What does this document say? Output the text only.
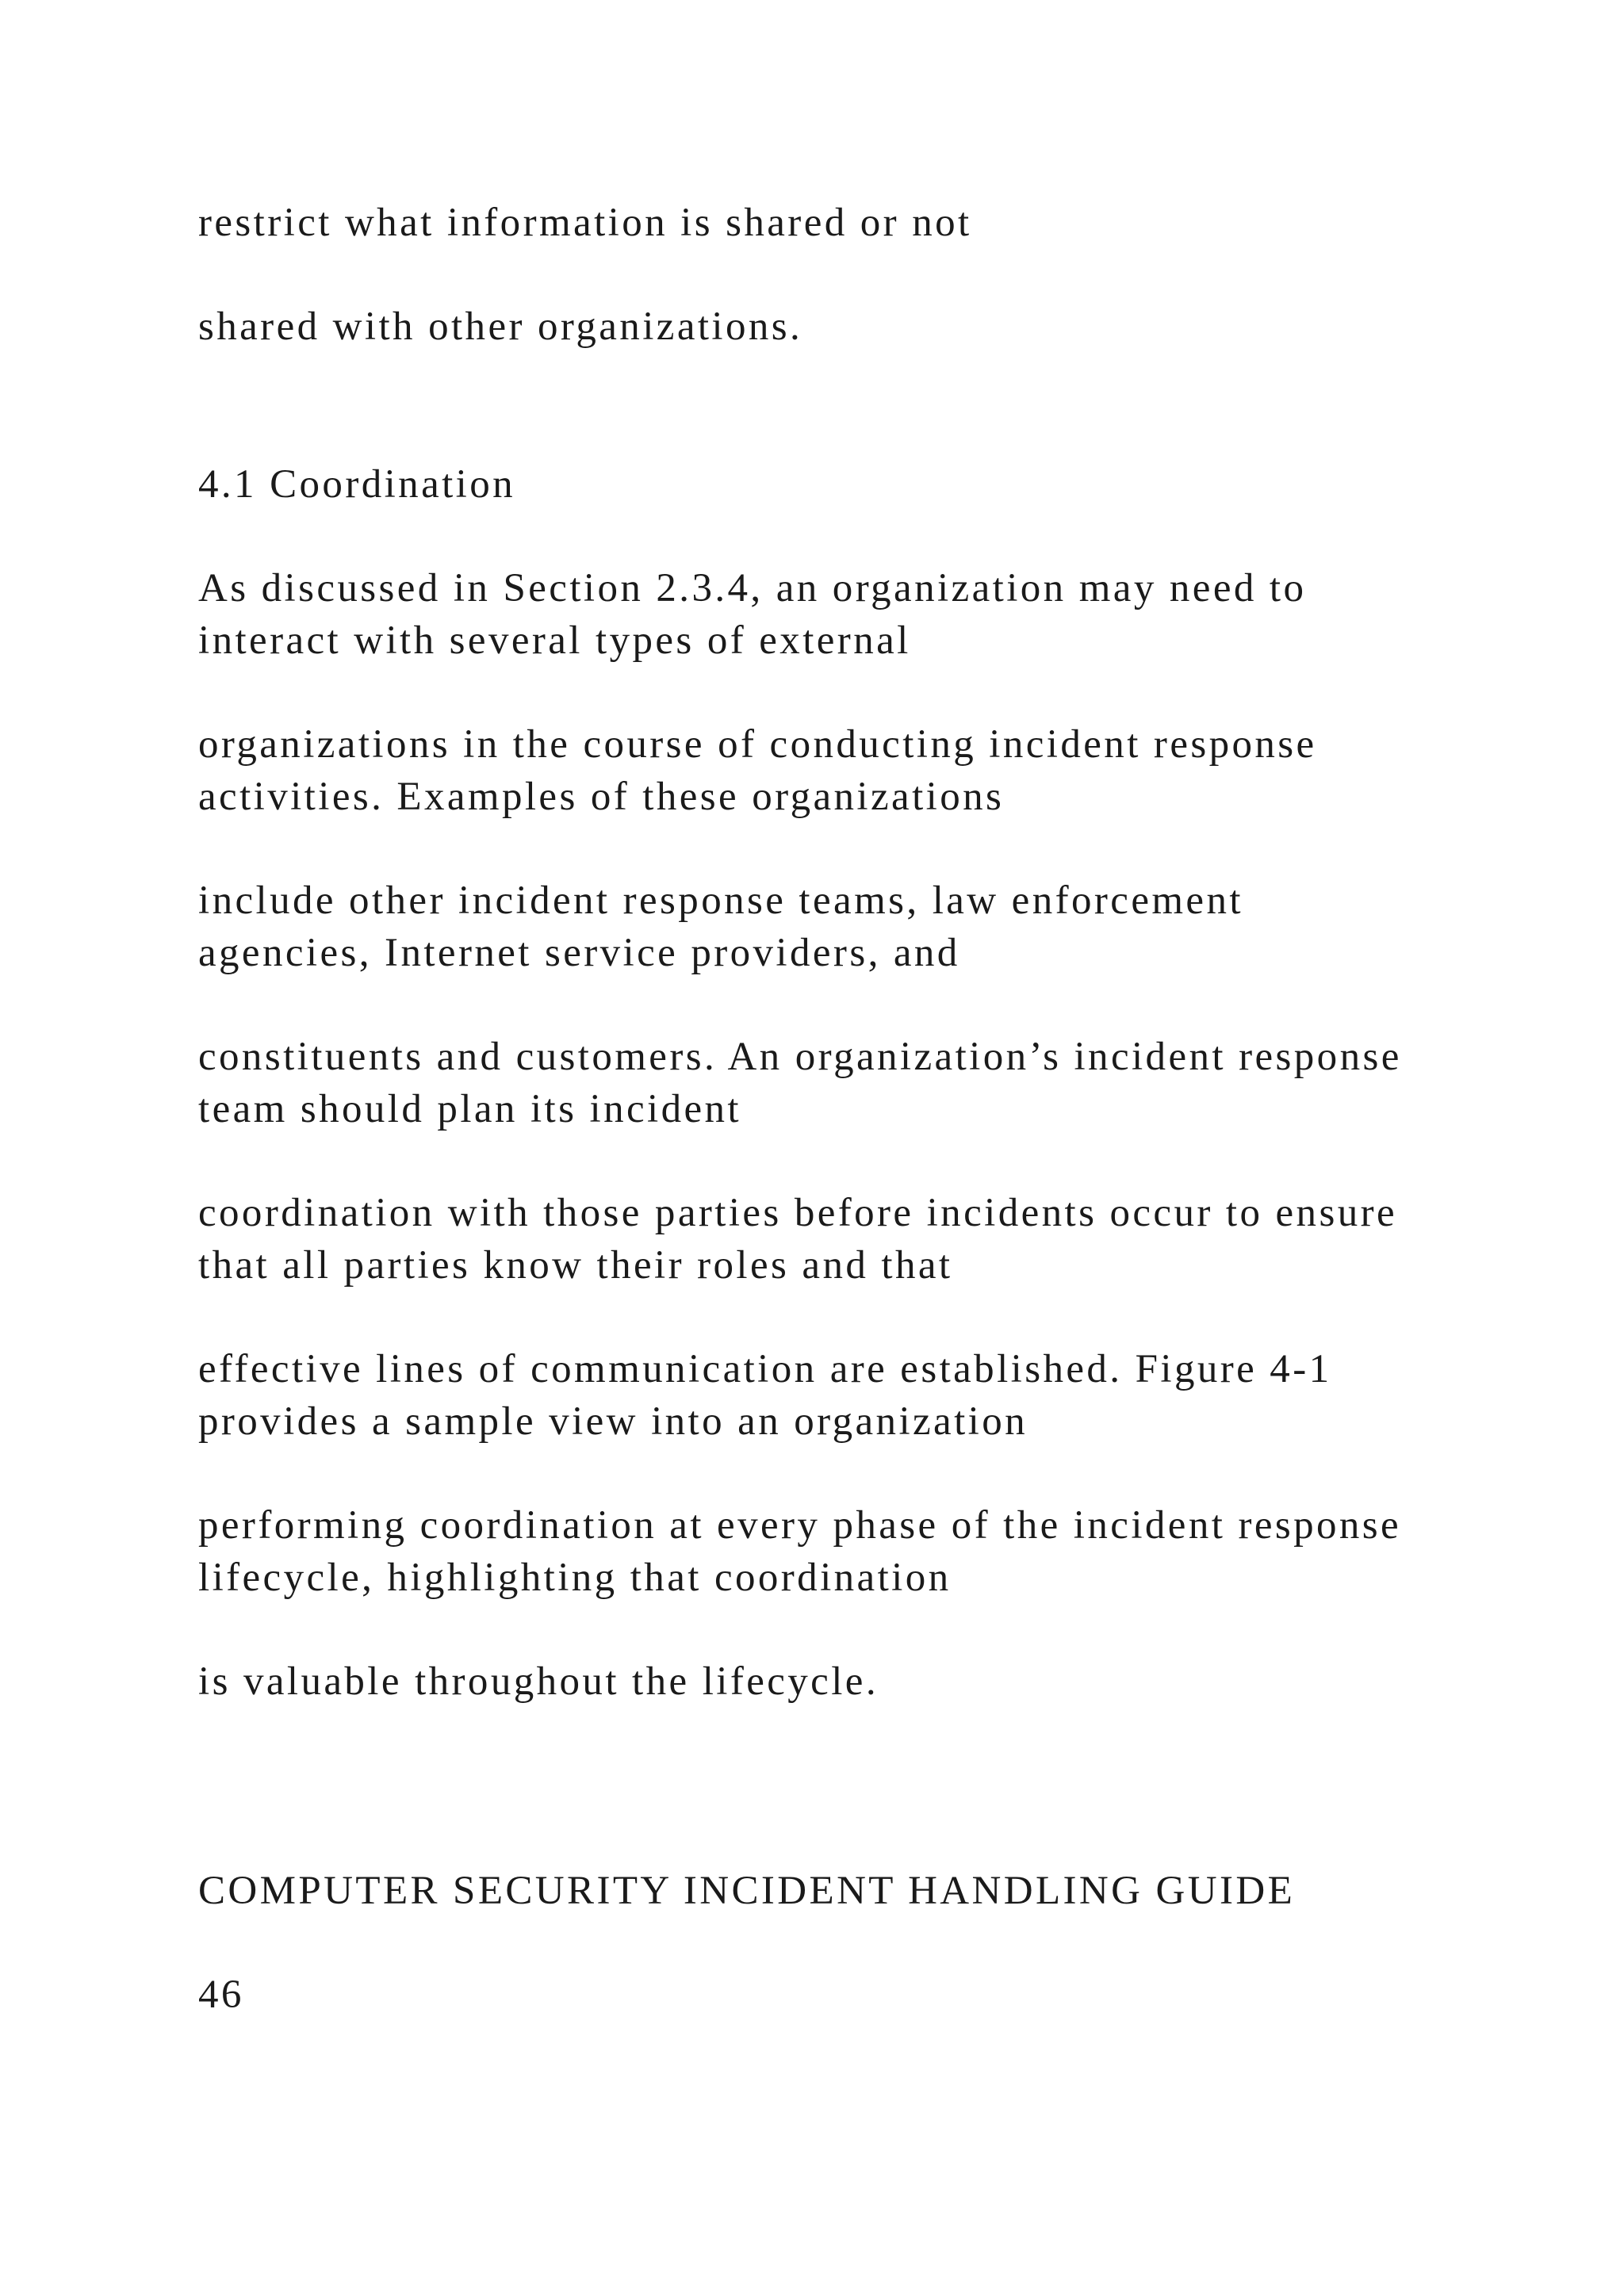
restrict what information is shared or not

shared with other organizations.

4.1 Coordination

As discussed in Section 2.3.4, an organization may need to

interact with several types of external

organizations in the course of conducting incident response

activities. Examples of these organizations

include other incident response teams, law enforcement

agencies, Internet service providers, and

constituents and customers. An organization’s incident response

team should plan its incident

coordination with those parties before incidents occur to ensure

that all parties know their roles and that

effective lines of communication are established. Figure 4-1

provides a sample view into an organization

performing coordination at every phase of the incident response

lifecycle, highlighting that coordination

is valuable throughout the lifecycle.

COMPUTER SECURITY INCIDENT HANDLING GUIDE

46
